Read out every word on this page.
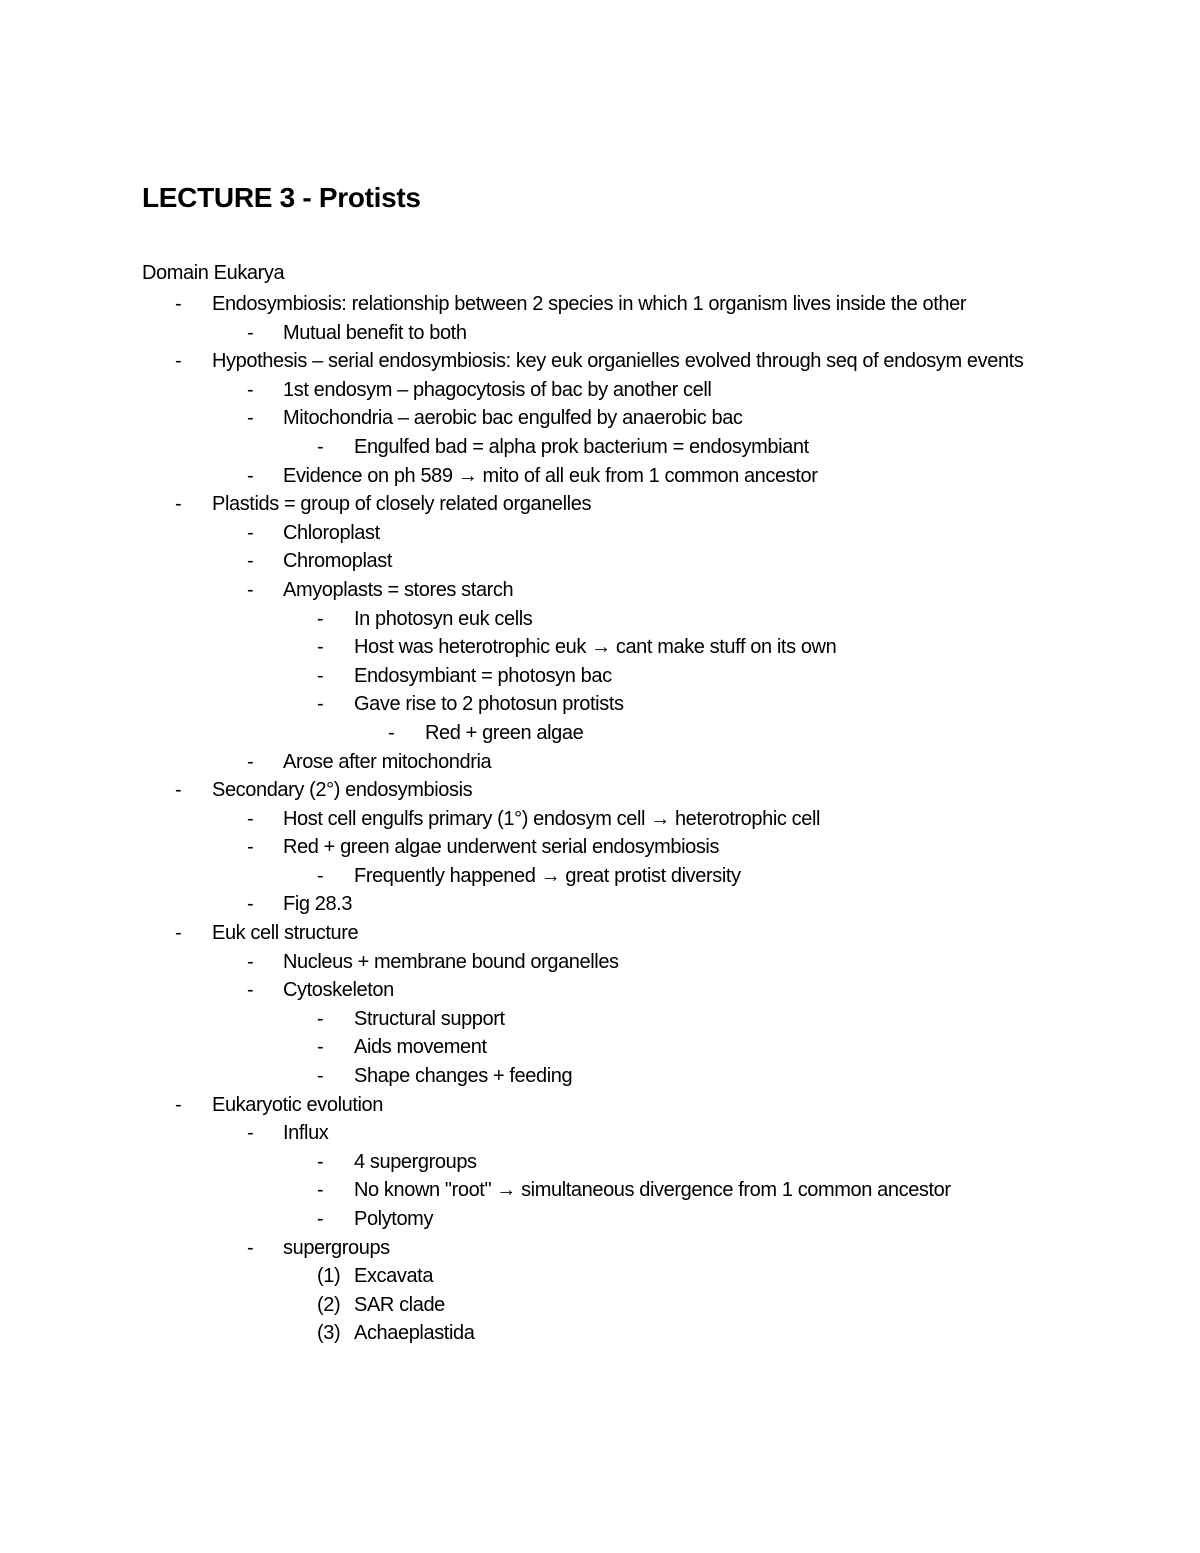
LECTURE 3 - Protists
Domain Eukarya
- Endosymbiosis: relationship between 2 species in which 1 organism lives inside the other
- Mutual benefit to both
- Hypothesis – serial endosymbiosis: key euk organielles evolved through seq of endosym events
- 1st endosym – phagocytosis of bac by another cell
- Mitochondria – aerobic bac engulfed by anaerobic bac
- Engulfed bad = alpha prok bacterium = endosymbiant
- Evidence on ph 589 → mito of all euk from 1 common ancestor
- Plastids = group of closely related organelles
- Chloroplast
- Chromoplast
- Amyoplasts = stores starch
- In photosyn euk cells
- Host was heterotrophic euk → cant make stuff on its own
- Endosymbiant = photosyn bac
- Gave rise to 2 photosun protists
- Red + green algae
- Arose after mitochondria
- Secondary (2°) endosymbiosis
- Host cell engulfs primary (1°) endosym cell → heterotrophic cell
- Red + green algae underwent serial endosymbiosis
- Frequently happened → great protist diversity
- Fig 28.3
- Euk cell structure
- Nucleus + membrane bound organelles
- Cytoskeleton
- Structural support
- Aids movement
- Shape changes + feeding
- Eukaryotic evolution
- Influx
- 4 supergroups
- No known "root" → simultaneous divergence from 1 common ancestor
- Polytomy
- supergroups
(1) Excavata
(2) SAR clade
(3) Achaeplastida
